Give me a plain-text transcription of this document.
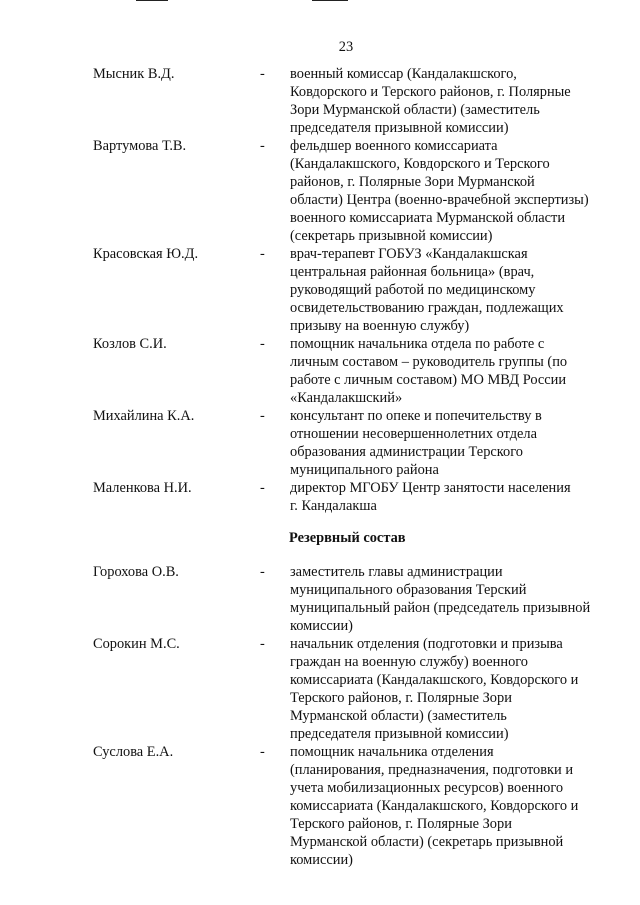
23
Мысник В.Д.	-	военный комиссар (Кандалакшского,
Ковдорского и Терского районов, г. Полярные
Зори Мурманской области) (заместитель
председателя призывной комиссии)
Вартумова Т.В.	-	фельдшер военного комиссариата
(Кандалакшского, Ковдорского и Терского
районов, г. Полярные Зори Мурманской
области) Центра (военно-врачебной экспертизы)
военного комиссариата Мурманской области
(секретарь призывной комиссии)
Красовская Ю.Д.	-	врач-терапевт ГОБУЗ «Кандалакшская
центральная районная больница» (врач,
руководящий работой по медицинскому
освидетельствованию граждан, подлежащих
призыву на военную службу)
Козлов С.И.	-	помощник начальника отдела по работе с
личным составом – руководитель группы (по
работе с личным составом) МО МВД России
«Кандалакшский»
Михайлина К.А.	-	консультант по опеке и попечительству в
отношении несовершеннолетних отдела
образования администрации Терского
муниципального района
Маленкова Н.И.	-	директор МГОБУ Центр занятости населения
г. Кандалакша
Резервный состав
Горохова О.В.	-	заместитель главы администрации
муниципального образования Терский
муниципальный район (председатель призывной
комиссии)
Сорокин М.С.	-	начальник отделения (подготовки и призыва
граждан на военную службу) военного
комиссариата (Кандалакшского, Ковдорского и
Терского районов, г. Полярные Зори
Мурманской области) (заместитель
председателя призывной комиссии)
Суслова Е.А.	-	помощник начальника отделения
(планирования, предназначения, подготовки и
учета мобилизационных ресурсов) военного
комиссариата (Кандалакшского, Ковдорского и
Терского районов, г. Полярные Зори
Мурманской области) (секретарь призывной
комиссии)
